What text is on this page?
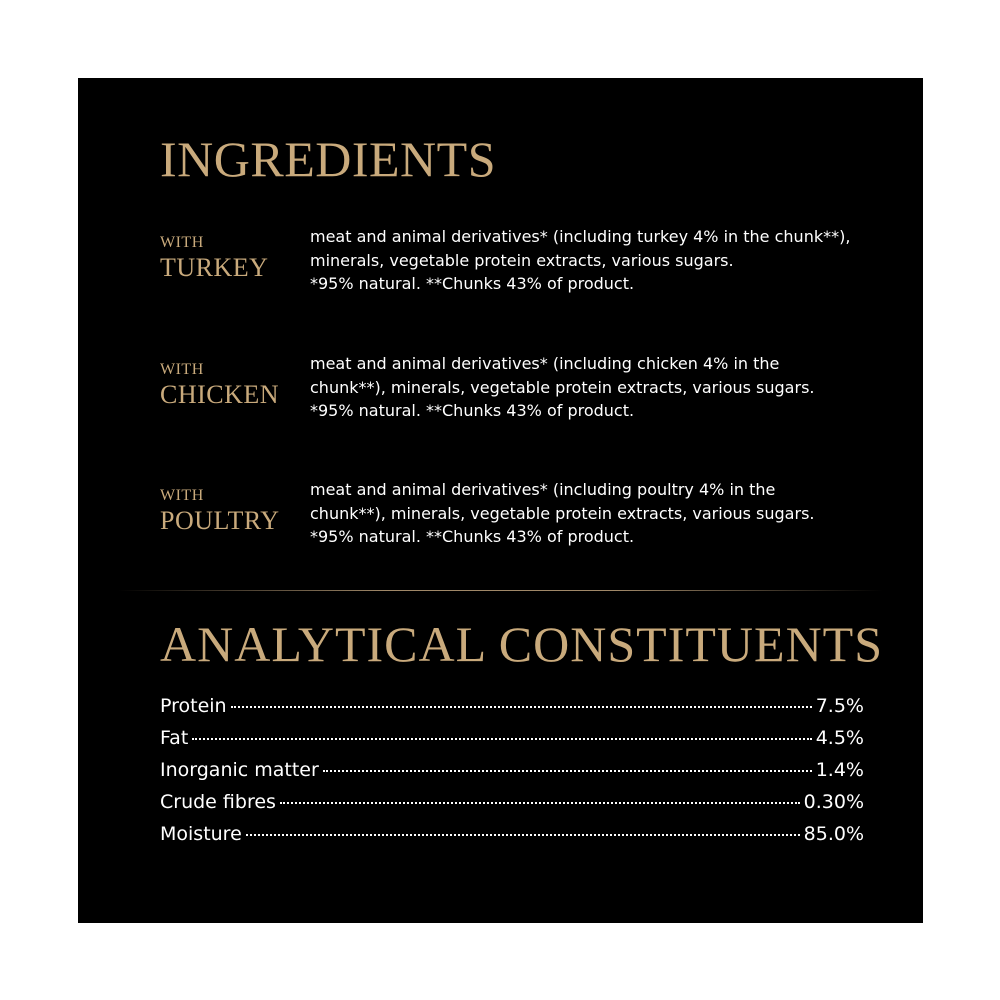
INGREDIENTS
WITH
TURKEY
meat and animal derivatives* (including turkey 4% in the chunk**),
minerals, vegetable protein extracts, various sugars.
*95% natural. **Chunks 43% of product.
WITH
CHICKEN
meat and animal derivatives* (including chicken 4% in the
chunk**), minerals, vegetable protein extracts, various sugars.
*95% natural. **Chunks 43% of product.
WITH
POULTRY
meat and animal derivatives* (including poultry 4% in the
chunk**), minerals, vegetable protein extracts, various sugars.
*95% natural. **Chunks 43% of product.
ANALYTICAL CONSTITUENTS
Protein	7.5%
Fat	4.5%
Inorganic matter	1.4%
Crude fibres	0.30%
Moisture	85.0%
